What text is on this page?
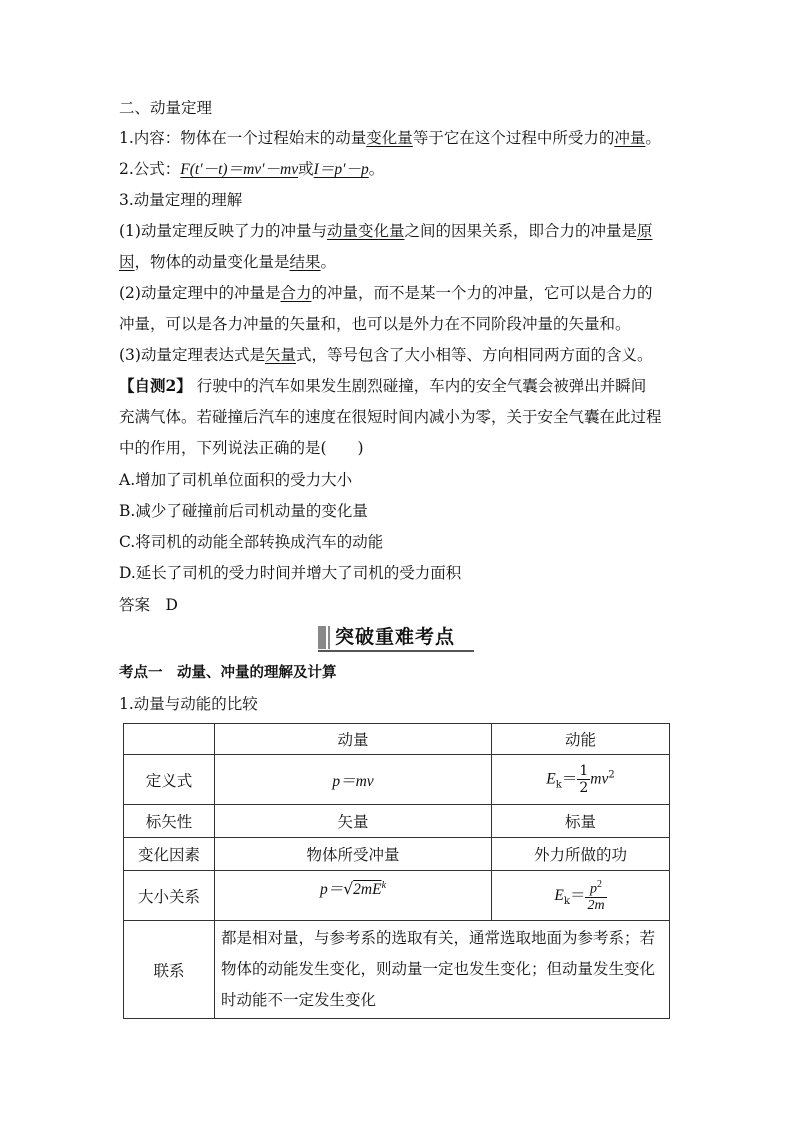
二、动量定理
1.内容：物体在一个过程始末的动量变化量等于它在这个过程中所受力的冲量。
2.公式：F(t′－t)＝mv′－mv或I＝p′－p。
3.动量定理的理解
(1)动量定理反映了力的冲量与动量变化量之间的因果关系，即合力的冲量是原
因，物体的动量变化量是结果。
(2)动量定理中的冲量是合力的冲量，而不是某一个力的冲量，它可以是合力的
冲量，可以是各力冲量的矢量和，也可以是外力在不同阶段冲量的矢量和。
(3)动量定理表达式是矢量式，等号包含了大小相等、方向相同两方面的含义。
【自测2】 行驶中的汽车如果发生剧烈碰撞，车内的安全气囊会被弹出并瞬间
充满气体。若碰撞后汽车的速度在很短时间内减小为零，关于安全气囊在此过程
中的作用，下列说法正确的是(　　)
A.增加了司机单位面积的受力大小
B.减少了碰撞前后司机动量的变化量
C.将司机的动能全部转换成汽车的动能
D.延长了司机的受力时间并增大了司机的受力面积
答案　D
突破重难考点
考点一　动量、冲量的理解及计算
1.动量与动能的比较
	动量	动能
定义式	p＝mv	$E_k= \frac{1}{2} mv^2$
标矢性	矢量	标量
变化因素	物体所受冲量	外力所做的功
大小关系	$p=√2mE^k$	$E_k= \frac{p^2}{2m}$

联系	都是相对量，与参考系的选取有关，通常选取地面为参考系；若
物体的动能发生变化，则动量一定也发生变化；但动量发生变化
时动能不一定发生变化	
